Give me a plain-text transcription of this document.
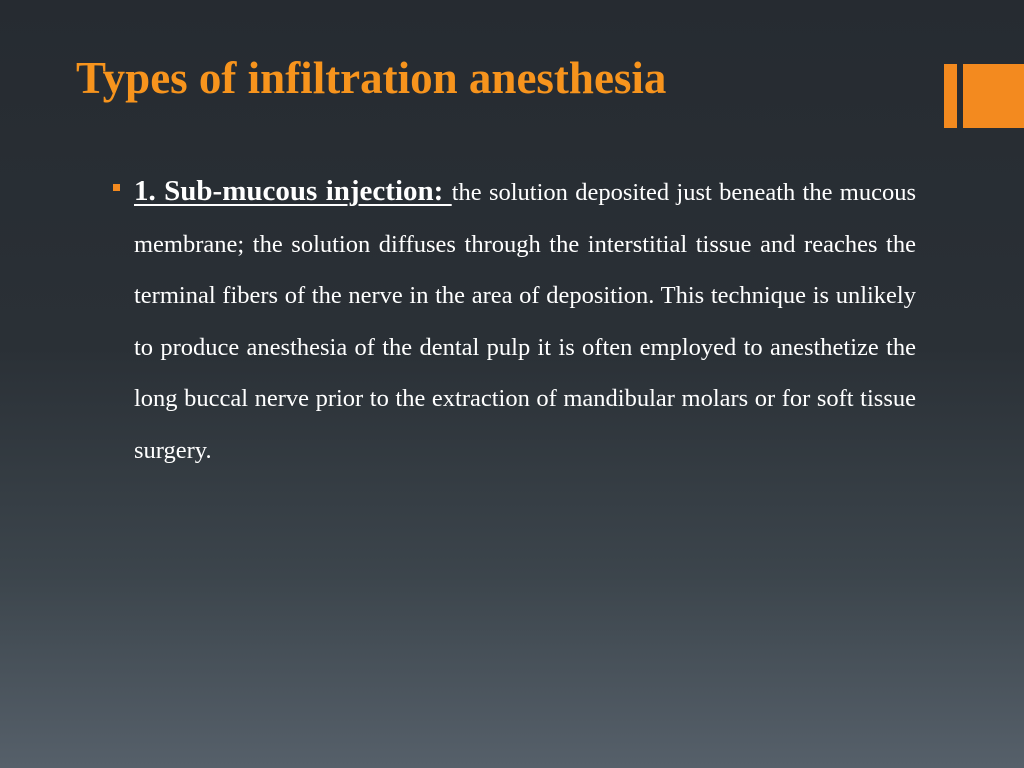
Types of infiltration anesthesia

1. Sub-mucous injection: the solution deposited just beneath the mucous membrane; the solution diffuses through the interstitial tissue and reaches the terminal fibers of the nerve in the area of deposition. This technique is unlikely to produce anesthesia of the dental pulp it is often employed to anesthetize the long buccal nerve prior to the extraction of mandibular molars or for soft tissue surgery.
